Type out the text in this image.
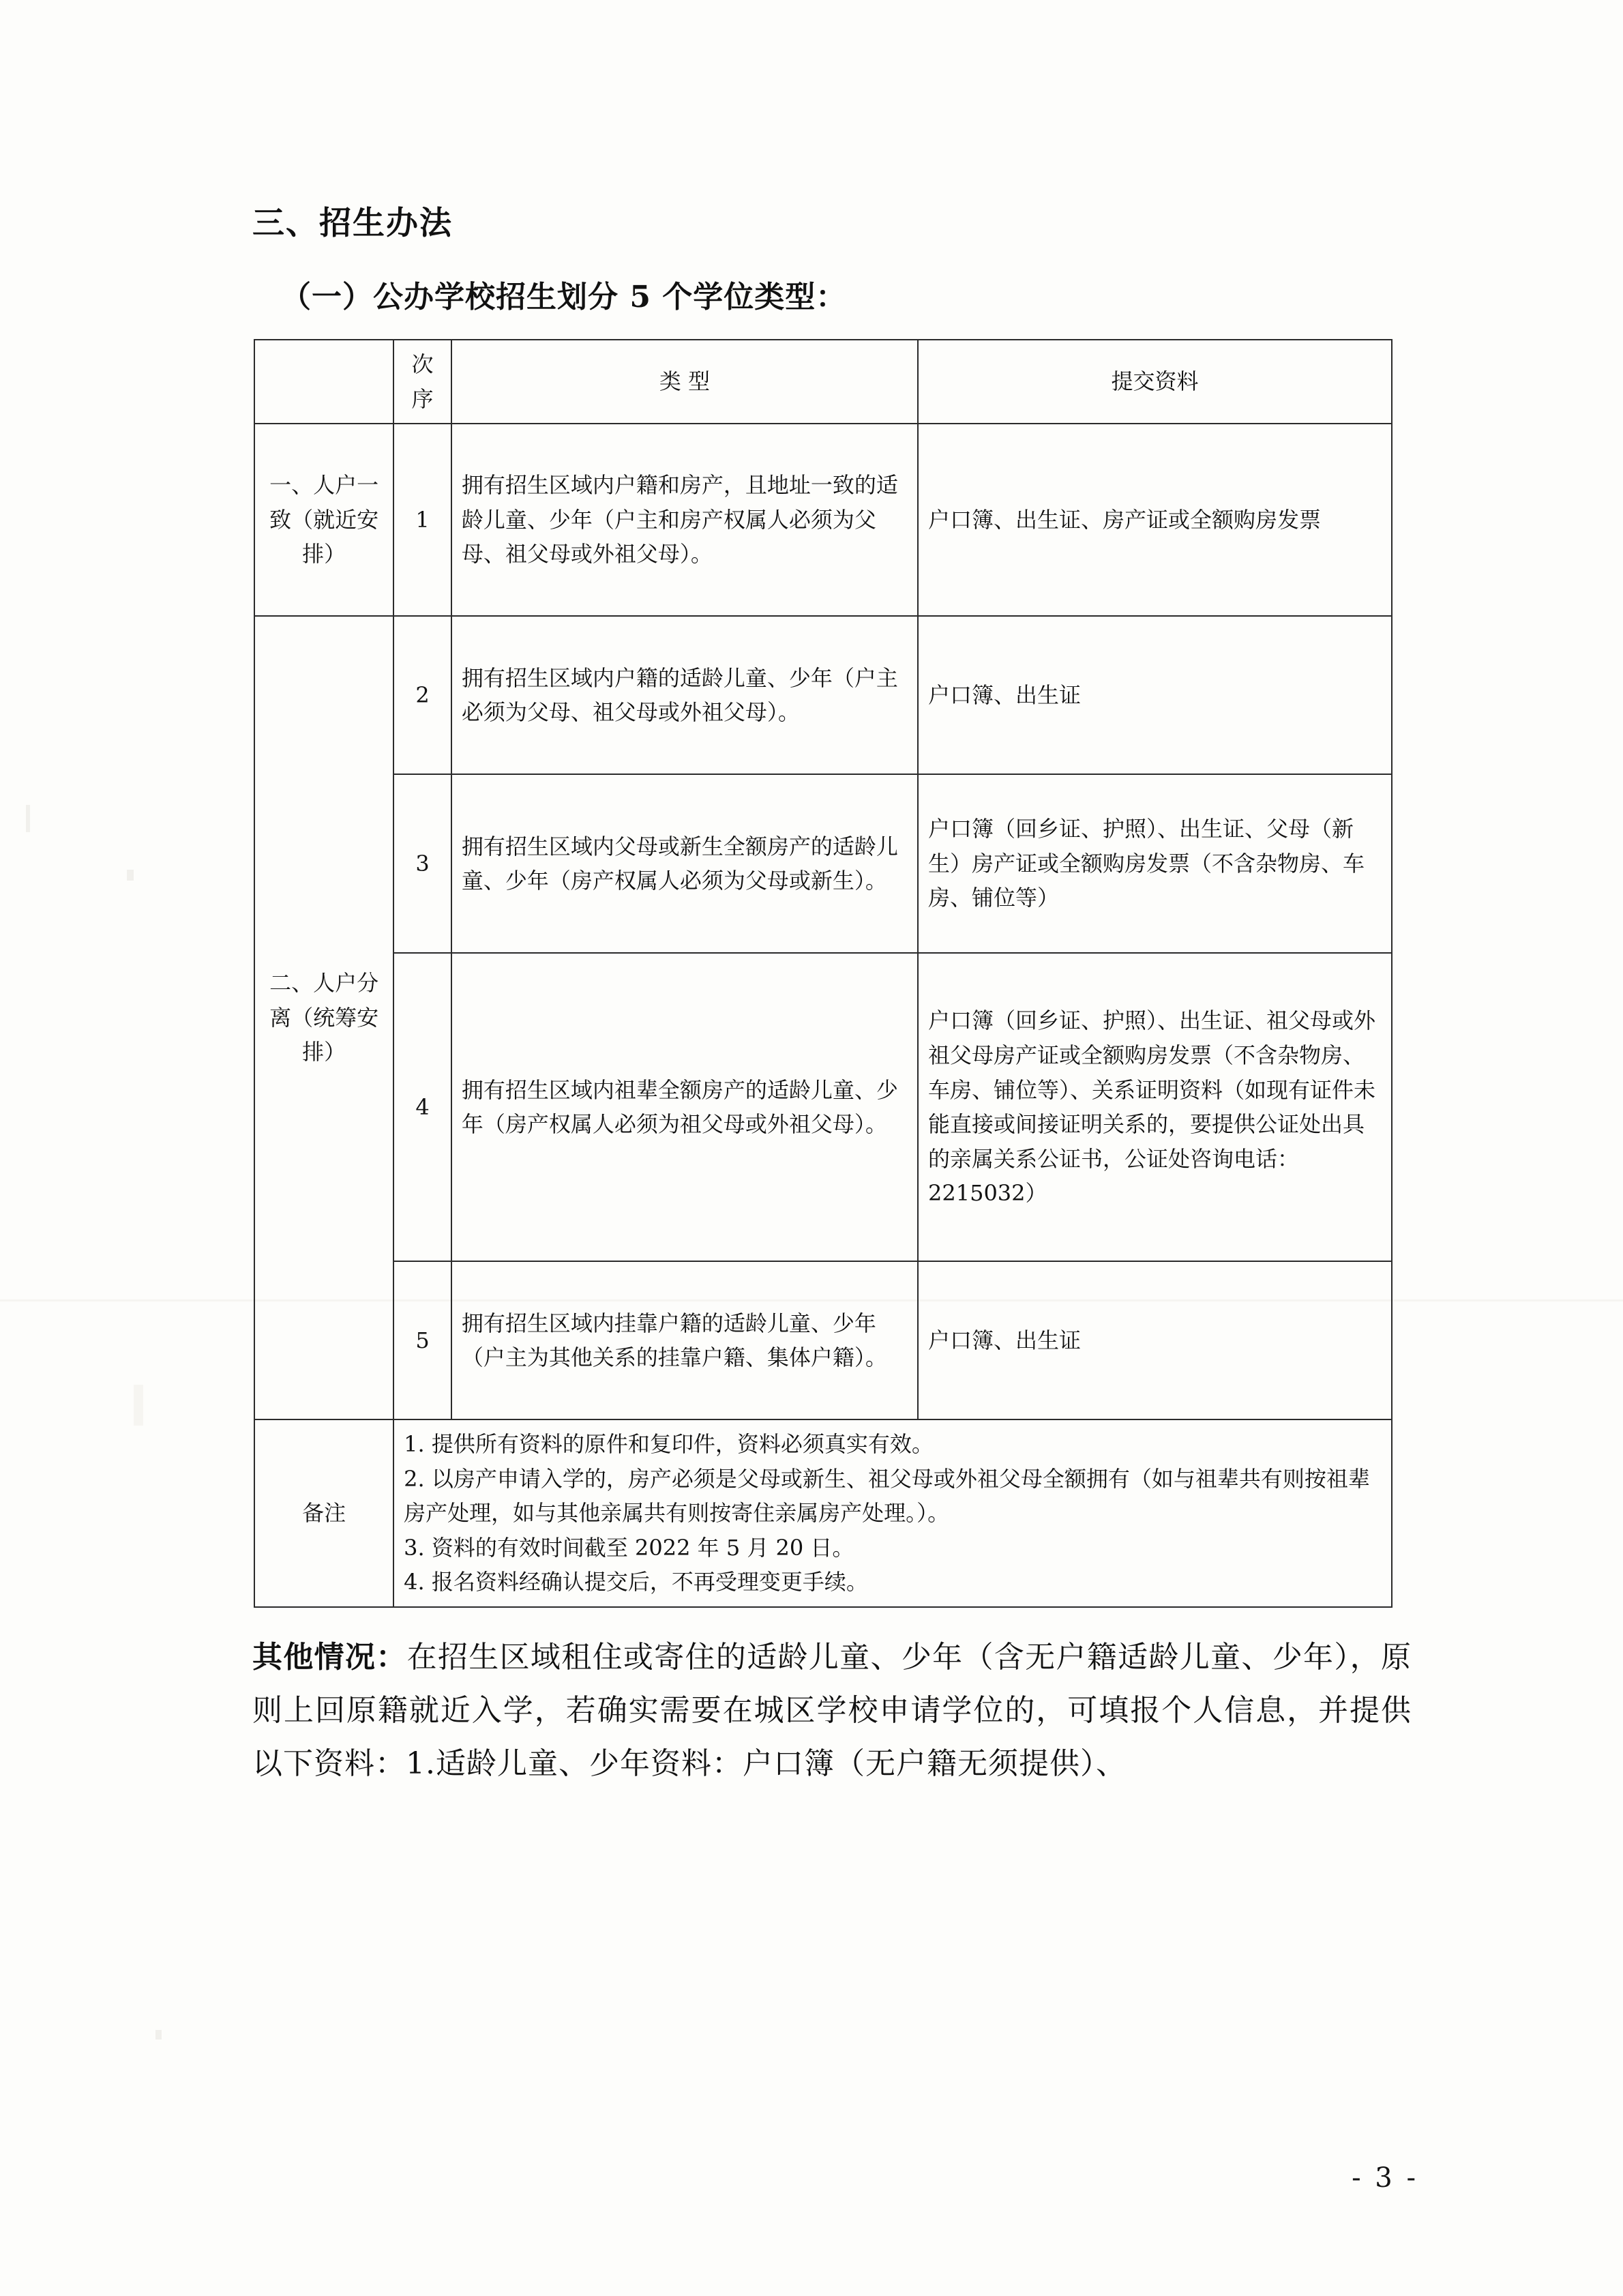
三、招生办法
（一）公办学校招生划分 5 个学位类型：
	次序	类 型	提交资料
一、人户一致（就近安排）	1	拥有招生区域内户籍和房产，且地址一致的适龄儿童、少年（户主和房产权属人必须为父母、祖父母或外祖父母）。	户口簿、出生证、房产证或全额购房发票
二、人户分离（统筹安排）	2	拥有招生区域内户籍的适龄儿童、少年（户主必须为父母、祖父母或外祖父母）。	户口簿、出生证
	3	拥有招生区域内父母或新生全额房产的适龄儿童、少年（房产权属人必须为父母或新生）。	户口簿（回乡证、护照）、出生证、父母（新生）房产证或全额购房发票（不含杂物房、车房、铺位等）
	4	拥有招生区域内祖辈全额房产的适龄儿童、少年（房产权属人必须为祖父母或外祖父母）。	户口簿（回乡证、护照）、出生证、祖父母或外祖父母房产证或全额购房发票（不含杂物房、车房、铺位等）、关系证明资料（如现有证件未能直接或间接证明关系的，要提供公证处出具的亲属关系公证书，公证处咨询电话：2215032）
	5	拥有招生区域内挂靠户籍的适龄儿童、少年（户主为其他关系的挂靠户籍、集体户籍）。	户口簿、出生证
备注	1. 提供所有资料的原件和复印件，资料必须真实有效。
2. 以房产申请入学的，房产必须是父母或新生、祖父母或外祖父母全额拥有（如与祖辈共有则按祖辈房产处理，如与其他亲属共有则按寄住亲属房产处理。）。
3. 资料的有效时间截至 2022 年 5 月 20 日。
4. 报名资料经确认提交后，不再受理变更手续。		
其他情况：在招生区域租住或寄住的适龄儿童、少年（含无户籍适龄儿童、少年），原则上回原籍就近入学，若确实需要在城区学校申请学位的，可填报个人信息，并提供以下资料：1.适龄儿童、少年资料：户口簿（无户籍无须提供）、
- 3 -
